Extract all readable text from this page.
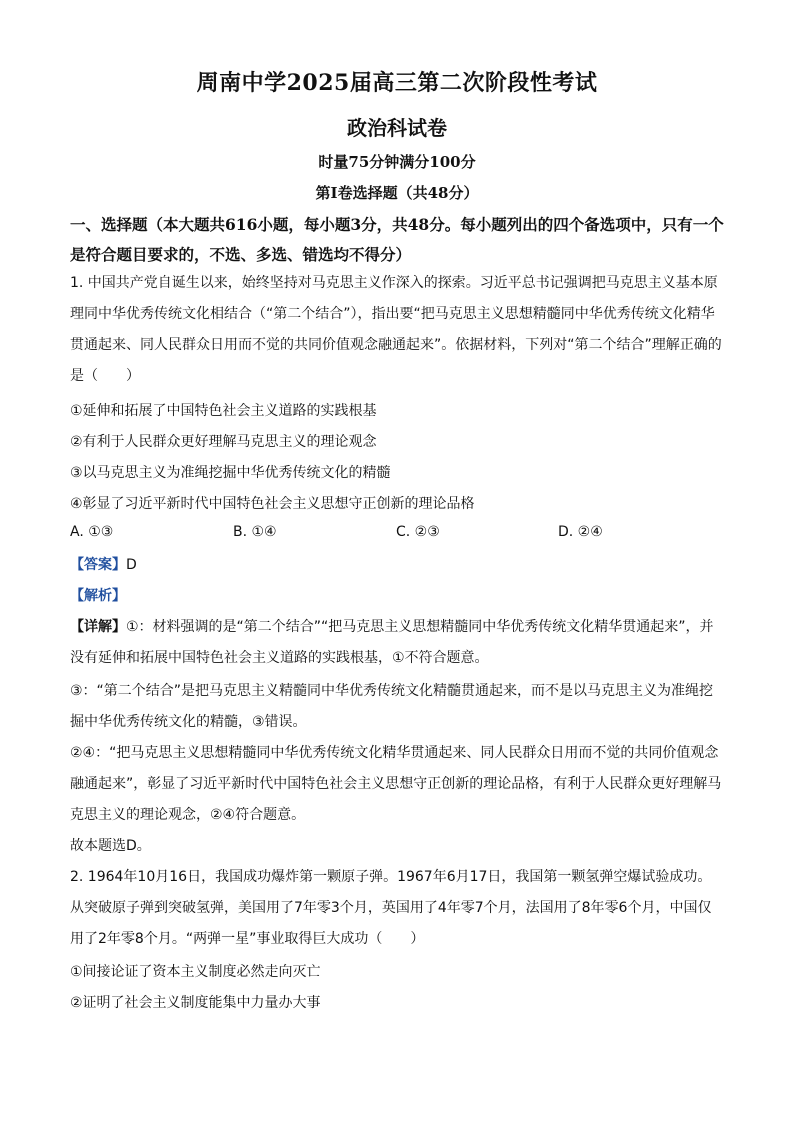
周南中学2025届高三第二次阶段性考试
政治科试卷
时量75分钟满分100分
第Ⅰ卷选择题（共48分）
一、选择题（本大题共616小题，每小题3分，共48分。每小题列出的四个备选项中，只有一个是符合题目要求的，不选、多选、错选均不得分）
1. 中国共产党自诞生以来，始终坚持对马克思主义作深入的探索。习近平总书记强调把马克思主义基本原理同中华优秀传统文化相结合（“第二个结合”），指出要“把马克思主义思想精髓同中华优秀传统文化精华贯通起来、同人民群众日用而不觉的共同价值观念融通起来”。依据材料，下列对“第二个结合”理解正确的是（　　）
①延伸和拓展了中国特色社会主义道路的实践根基
②有利于人民群众更好理解马克思主义的理论观念
③以马克思主义为准绳挖掘中华优秀传统文化的精髓
④彰显了习近平新时代中国特色社会主义思想守正创新的理论品格
A. ①③	B. ①④	C. ②③	D. ②④
【答案】D
【解析】
【详解】①：材料强调的是“第二个结合”“把马克思主义思想精髓同中华优秀传统文化精华贯通起来”，并没有延伸和拓展中国特色社会主义道路的实践根基，①不符合题意。
③：“第二个结合”是把马克思主义精髓同中华优秀传统文化精髓贯通起来，而不是以马克思主义为准绳挖掘中华优秀传统文化的精髓，③错误。
②④：“把马克思主义思想精髓同中华优秀传统文化精华贯通起来、同人民群众日用而不觉的共同价值观念融通起来”，彰显了习近平新时代中国特色社会主义思想守正创新的理论品格，有利于人民群众更好理解马克思主义的理论观念，②④符合题意。
故本题选D。
2. 1964年10月16日，我国成功爆炸第一颗原子弹。1967年6月17日，我国第一颗氢弹空爆试验成功。从突破原子弹到突破氢弹，美国用了7年零3个月，英国用了4年零7个月，法国用了8年零6个月，中国仅用了2年零8个月。“两弹一星”事业取得巨大成功（　　）
①间接论证了资本主义制度必然走向灭亡
②证明了社会主义制度能集中力量办大事
